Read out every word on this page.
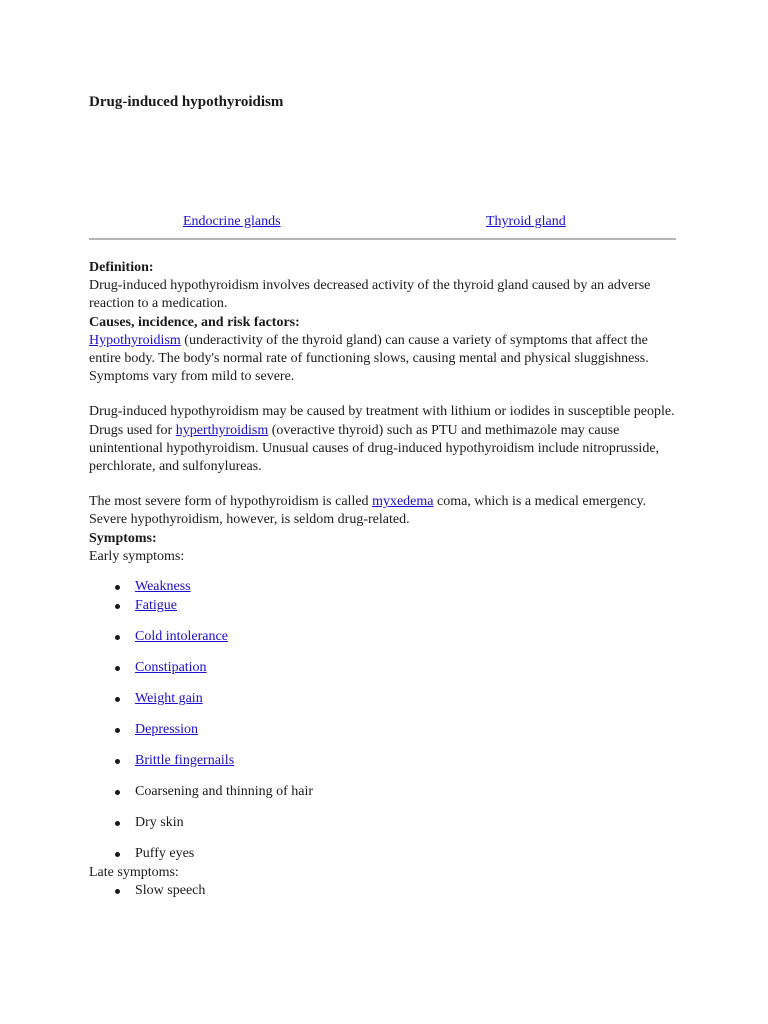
Drug-induced hypothyroidism
Endocrine glands	Thyroid gland

Definition:

Drug-induced hypothyroidism involves decreased activity of the thyroid gland caused by an adverse reaction to a medication.

Causes, incidence, and risk factors:

Hypothyroidism (underactivity of the thyroid gland) can cause a variety of symptoms that affect the entire body. The body's normal rate of functioning slows, causing mental and physical sluggishness. Symptoms vary from mild to severe.

Drug-induced hypothyroidism may be caused by treatment with lithium or iodides in susceptible people. Drugs used for hyperthyroidism (overactive thyroid) such as PTU and methimazole may cause unintentional hypothyroidism. Unusual causes of drug-induced hypothyroidism include nitroprusside, perchlorate, and sulfonylureas.

The most severe form of hypothyroidism is called myxedema coma, which is a medical emergency. Severe hypothyroidism, however, is seldom drug-related.

Symptoms:

Early symptoms:

Weakness
Fatigue
Cold intolerance
Constipation
Weight gain
Depression
Brittle fingernails
Coarsening and thinning of hair
Dry skin
Puffy eyes

Late symptoms:

Slow speech
